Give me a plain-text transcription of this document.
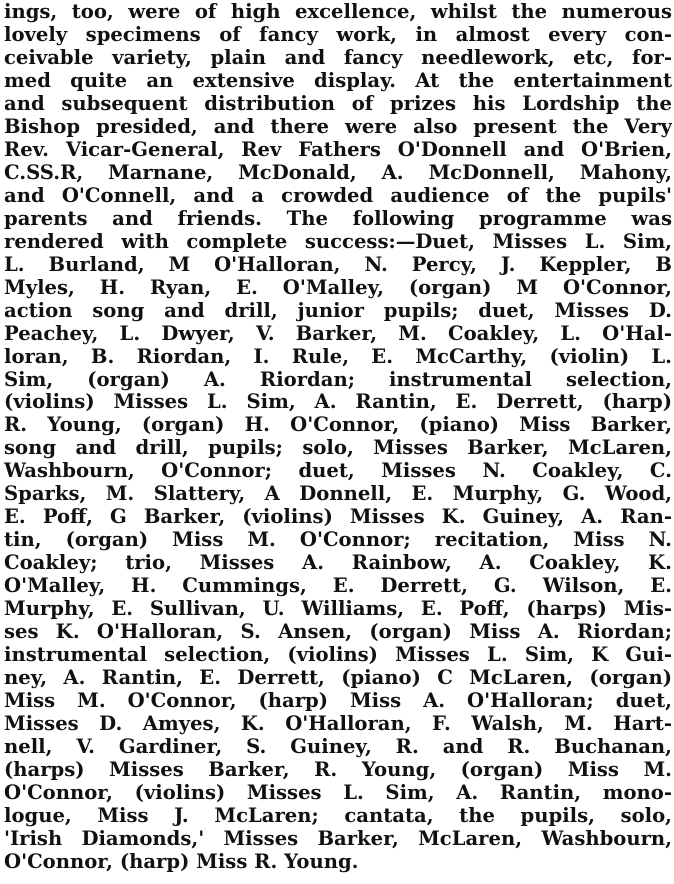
ings, too, were of high excellence, whilst the numerous
lovely specimens of fancy work, in almost every con-
ceivable variety, plain and fancy needlework, etc, for-
med quite an extensive display. At the entertainment
and subsequent distribution of prizes his Lordship the
Bishop presided, and there were also present the Very
Rev. Vicar-General, Rev Fathers O'Donnell and O'Brien,
C.SS.R, Marnane, McDonald, A. McDonnell, Mahony,
and O'Connell, and a crowded audience of the pupils'
parents and friends. The following programme was
rendered with complete success:—Duet, Misses L. Sim,
L. Burland, M O'Halloran, N. Percy, J. Keppler, B
Myles, H. Ryan, E. O'Malley, (organ) M O'Connor,
action song and drill, junior pupils; duet, Misses D.
Peachey, L. Dwyer, V. Barker, M. Coakley, L. O'Hal-
loran, B. Riordan, I. Rule, E. McCarthy, (violin) L.
Sim, (organ) A. Riordan; instrumental selection,
(violins) Misses L. Sim, A. Rantin, E. Derrett, (harp)
R. Young, (organ) H. O'Connor, (piano) Miss Barker,
song and drill, pupils; solo, Misses Barker, McLaren,
Washbourn, O'Connor; duet, Misses N. Coakley, C.
Sparks, M. Slattery, A Donnell, E. Murphy, G. Wood,
E. Poff, G Barker, (violins) Misses K. Guiney, A. Ran-
tin, (organ) Miss M. O'Connor; recitation, Miss N.
Coakley; trio, Misses A. Rainbow, A. Coakley, K.
O'Malley, H. Cummings, E. Derrett, G. Wilson, E.
Murphy, E. Sullivan, U. Williams, E. Poff, (harps) Mis-
ses K. O'Halloran, S. Ansen, (organ) Miss A. Riordan;
instrumental selection, (violins) Misses L. Sim, K Gui-
ney, A. Rantin, E. Derrett, (piano) C McLaren, (organ)
Miss M. O'Connor, (harp) Miss A. O'Halloran; duet,
Misses D. Amyes, K. O'Halloran, F. Walsh, M. Hart-
nell, V. Gardiner, S. Guiney, R. and R. Buchanan,
(harps) Misses Barker, R. Young, (organ) Miss M.
O'Connor, (violins) Misses L. Sim, A. Rantin, mono-
logue, Miss J. McLaren; cantata, the pupils, solo,
'Irish Diamonds,' Misses Barker, McLaren, Washbourn,
O'Connor, (harp) Miss R. Young.
